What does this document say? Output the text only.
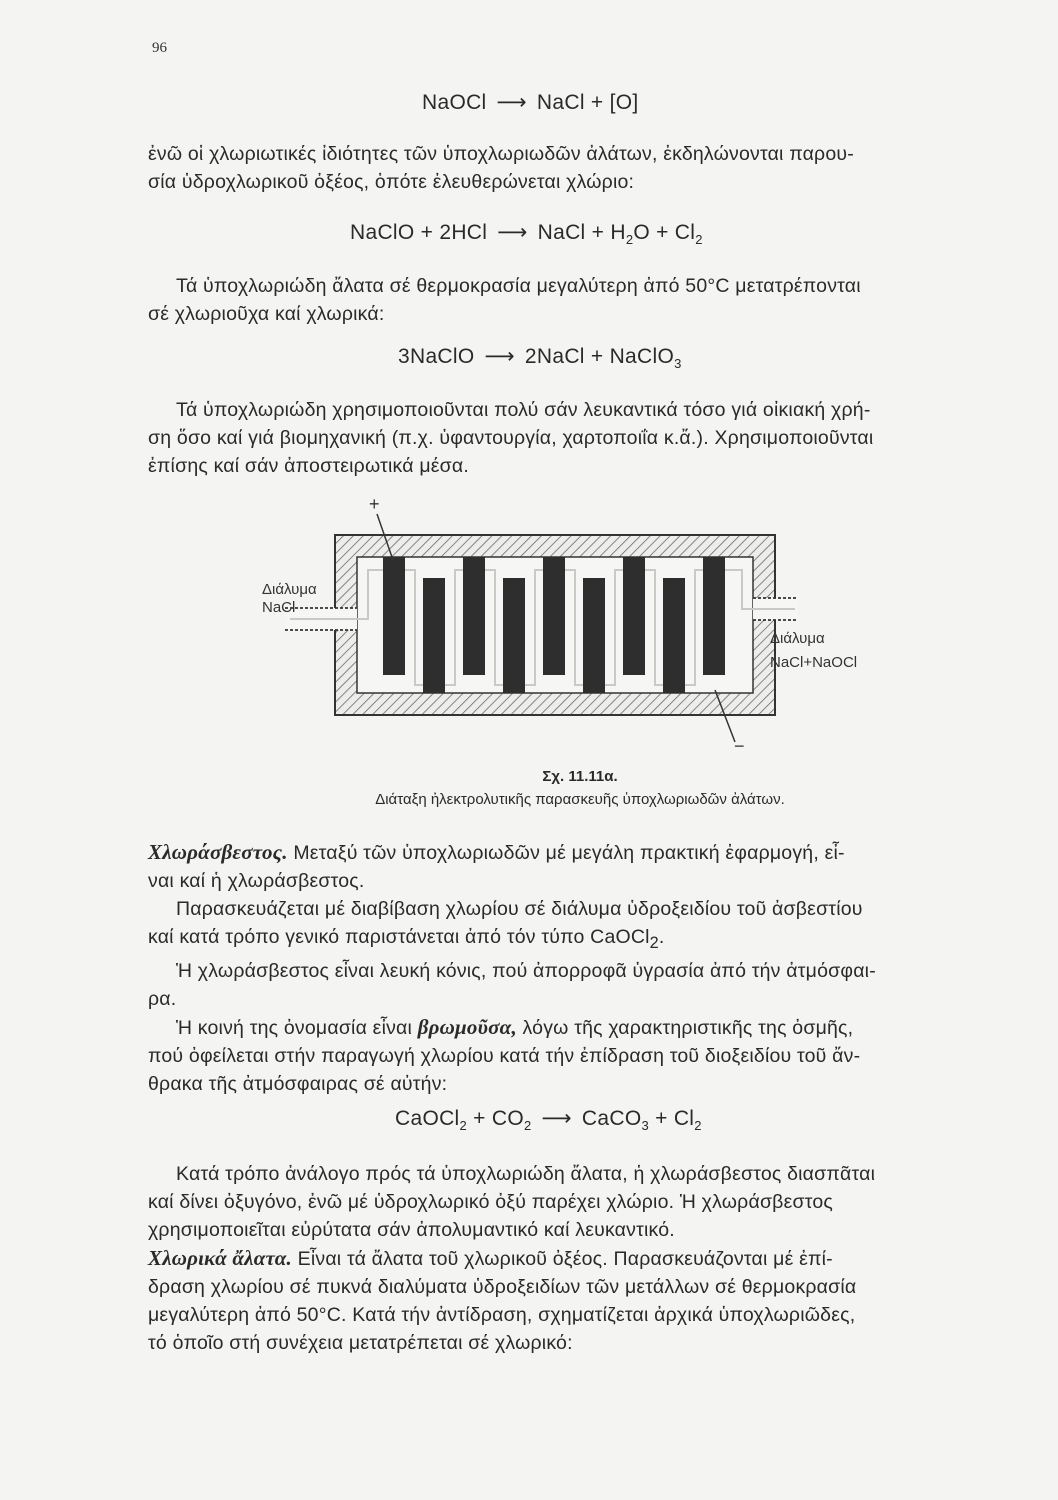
96
NaOCl ⟶ NaCl + [O]
ἐνῶ οἱ χλωριωτικές ἰδιότητες τῶν ὑποχλωριωδῶν ἀλάτων, ἐκδηλώνονται παρου-
σία ὑδροχλωρικοῦ ὀξέος, ὁπότε ἐλευθερώνεται χλώριο:
NaClO + 2HCl ⟶ NaCl + $H_2O + Cl_2$
Τά ὑποχλωριώδη ἄλατα σέ θερμοκρασία μεγαλύτερη ἀπό 50°C μετατρέπονται
σέ χλωριοῦχα καί χλωρικά:
3NaClO ⟶ 2NaCl + NaClO$_3$
Τά ὑποχλωριώδη χρησιμοποιοῦνται πολύ σάν λευκαντικά τόσο γιά οἰκιακή χρή-
ση ὅσο καί γιά βιομηχανική (π.χ. ὑφαντουργία, χαρτοποιΐα κ.ἄ.). Χρησιμοποιοῦνται
ἐπίσης καί σάν ἀποστειρωτικά μέσα.
+
−
Διάλυμα
NaCl
Διάλυμα
NaCl+NaOCl
Σχ. 11.11α.
Διάταξη ἠλεκτρολυτικῆς παρασκευῆς ὑποχλωριωδῶν ἀλάτων.
Χλωράσβεστος. Μεταξύ τῶν ὑποχλωριωδῶν μέ μεγάλη πρακτική ἐφαρμογή, εἶ-
ναι καί ἡ χλωράσβεστος.
Παρασκευάζεται μέ διαβίβαση χλωρίου σέ διάλυμα ὑδροξειδίου τοῦ ἀσβεστίου
καί κατά τρόπο γενικό παριστάνεται ἀπό τόν τύπο CaOCl$_2$.
Ἡ χλωράσβεστος εἶναι λευκή κόνις, πού ἀπορροφᾶ ὑγρασία ἀπό τήν ἀτμόσφαι-
ρα.
Ἡ κοινή της ὀνομασία εἶναι βρωμοῦσα, λόγω τῆς χαρακτηριστικῆς της ὀσμῆς,
πού ὀφείλεται στήν παραγωγή χλωρίου κατά τήν ἐπίδραση τοῦ διοξειδίου τοῦ ἄν-
θρακα τῆς ἀτμόσφαιρας σέ αὐτήν:
CaOCl$_2$ + $CO_2$ ⟶ CaCO$_3$ + $Cl_2$
Κατά τρόπο ἀνάλογο πρός τά ὑποχλωριώδη ἄλατα, ἡ χλωράσβεστος διασπᾶται
καί δίνει ὀξυγόνο, ἐνῶ μέ ὑδροχλωρικό ὀξύ παρέχει χλώριο. Ἡ χλωράσβεστος
χρησιμοποιεῖται εὐρύτατα σάν ἀπολυμαντικό καί λευκαντικό.
Χλωρικά ἄλατα. Εἶναι τά ἄλατα τοῦ χλωρικοῦ ὀξέος. Παρασκευάζονται μέ ἐπί-
δραση χλωρίου σέ πυκνά διαλύματα ὑδροξειδίων τῶν μετάλλων σέ θερμοκρασία
μεγαλύτερη ἀπό 50°C. Κατά τήν ἀντίδραση, σχηματίζεται ἀρχικά ὑποχλωριῶδες,
τό ὁποῖο στή συνέχεια μετατρέπεται σέ χλωρικό:
